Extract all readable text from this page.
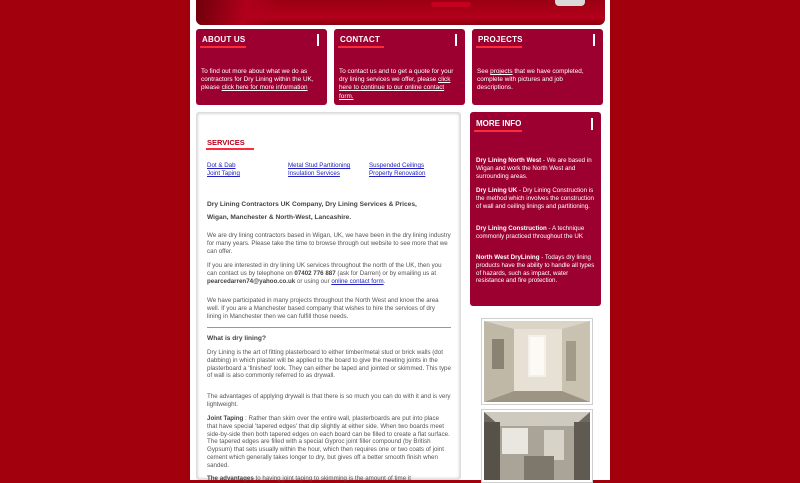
ABOUT US
To find out more about what we do as contractors for Dry Lining within the UK, please click here for more information
CONTACT
To contact us and to get a quote for your dry lining services we offer, please click here to continue to our online contact form.
PROJECTS
See projects that we have completed, complete with pictures and job descriptions.
SERVICES
Dot & Dab
Joint Taping
Metal Stud Partitioning
Insulation Services
Suspended Ceilings
Property Renovation
Dry Lining Contractors UK Company, Dry Lining Services & Prices,
Wigan, Manchester & North-West, Lancashire.
We are dry lining contractors based in Wigan, UK, we have been in the dry lining industry for many years. Please take the time to browse through out website to see more that we can offer.
If you are interested in dry lining UK services throughout the north of the UK, then you can contact us by telephone on 07402 776 887 (ask for Darren) or by emailing us at pearcedarren74@yahoo.co.uk or using our online contact form.
We have participated in many projects throughout the North West and know the area well. If you are a Manchester based company that wishes to hire the services of dry lining in Manchester then we can fulfill those needs.
What is dry lining?
Dry Lining is the art of fitting plasterboard to either timber/metal stud or brick walls (dot dabbing) in which plaster will be applied to the board to give the meeting joints in the plasterboard a 'finished' look. They can either be taped and jointed or skimmed. This type of wall is also commonly referred to as drywall.
The advantages of applying drywall is that there is so much you can do with it and is very lightweight.
Joint Taping : Rather than skim over the entire wall, plasterboards are put into place that have special 'tapered edges' that dip slightly at either side. When two boards meet side-by-side then both tapered edges on each board can be filled to create a flat surface. The tapered edges are filled with a special Gyproc joint filler compound (by British Gypsum) that sets usually within the hour, which then requires one or two coats of joint cement which generally takes longer to dry, but gives off a better smooth finish when sanded.
The advantages to having joint taping to skimming is the amount of time it
MORE INFO
Dry Lining North West - We are based in Wigan and work the North West and surrounding areas.
Dry Lining UK - Dry Lining Construction is the method which involves the construction of wall and ceiling linings and partitioning.
Dry Lining Construction - A technique commonly practiced throughout the UK
North West DryLining - Todays dry lining products have the ability to handle all types of hazards, such as impact, water resistance and fire protection.
